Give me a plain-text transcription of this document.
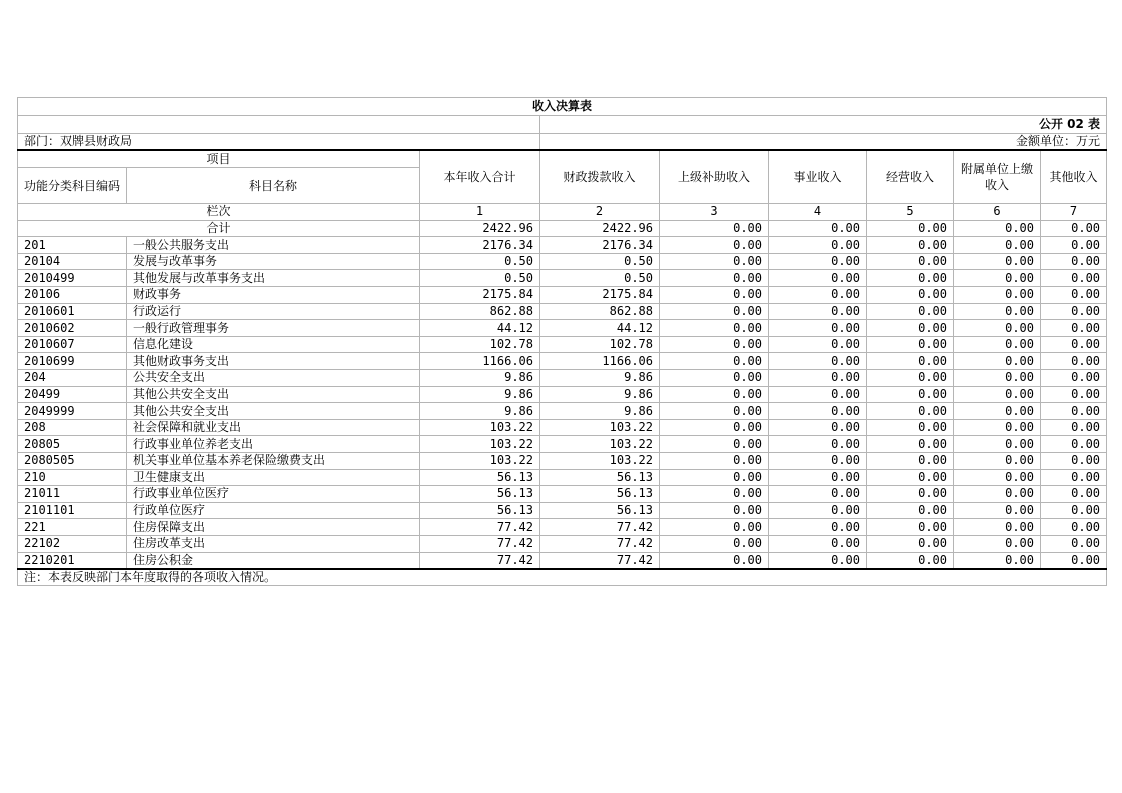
收入决算表								
			公开 02 表					
部门：双牌县财政局			金额单位：万元					
项目		本年收入合计	财政拨款收入	上级补助收入	事业收入	经营收入	附属单位上缴收入	其他收入
功能分类科目编码	科目名称							
栏次		1	2	3	4	5	6	7
合计		2422.96	2422.96	0.00	0.00	0.00	0.00	0.00
201	一般公共服务支出	2176.34	2176.34	0.00	0.00	0.00	0.00	0.00
20104	发展与改革事务	0.50	0.50	0.00	0.00	0.00	0.00	0.00
2010499	其他发展与改革事务支出	0.50	0.50	0.00	0.00	0.00	0.00	0.00
20106	财政事务	2175.84	2175.84	0.00	0.00	0.00	0.00	0.00
2010601	行政运行	862.88	862.88	0.00	0.00	0.00	0.00	0.00
2010602	一般行政管理事务	44.12	44.12	0.00	0.00	0.00	0.00	0.00
2010607	信息化建设	102.78	102.78	0.00	0.00	0.00	0.00	0.00
2010699	其他财政事务支出	1166.06	1166.06	0.00	0.00	0.00	0.00	0.00
204	公共安全支出	9.86	9.86	0.00	0.00	0.00	0.00	0.00
20499	其他公共安全支出	9.86	9.86	0.00	0.00	0.00	0.00	0.00
2049999	其他公共安全支出	9.86	9.86	0.00	0.00	0.00	0.00	0.00
208	社会保障和就业支出	103.22	103.22	0.00	0.00	0.00	0.00	0.00
20805	行政事业单位养老支出	103.22	103.22	0.00	0.00	0.00	0.00	0.00
2080505	机关事业单位基本养老保险缴费支出	103.22	103.22	0.00	0.00	0.00	0.00	0.00
210	卫生健康支出	56.13	56.13	0.00	0.00	0.00	0.00	0.00
21011	行政事业单位医疗	56.13	56.13	0.00	0.00	0.00	0.00	0.00
2101101	行政单位医疗	56.13	56.13	0.00	0.00	0.00	0.00	0.00
221	住房保障支出	77.42	77.42	0.00	0.00	0.00	0.00	0.00
22102	住房改革支出	77.42	77.42	0.00	0.00	0.00	0.00	0.00
2210201	住房公积金	77.42	77.42	0.00	0.00	0.00	0.00	0.00
注：本表反映部门本年度取得的各项收入情况。								
